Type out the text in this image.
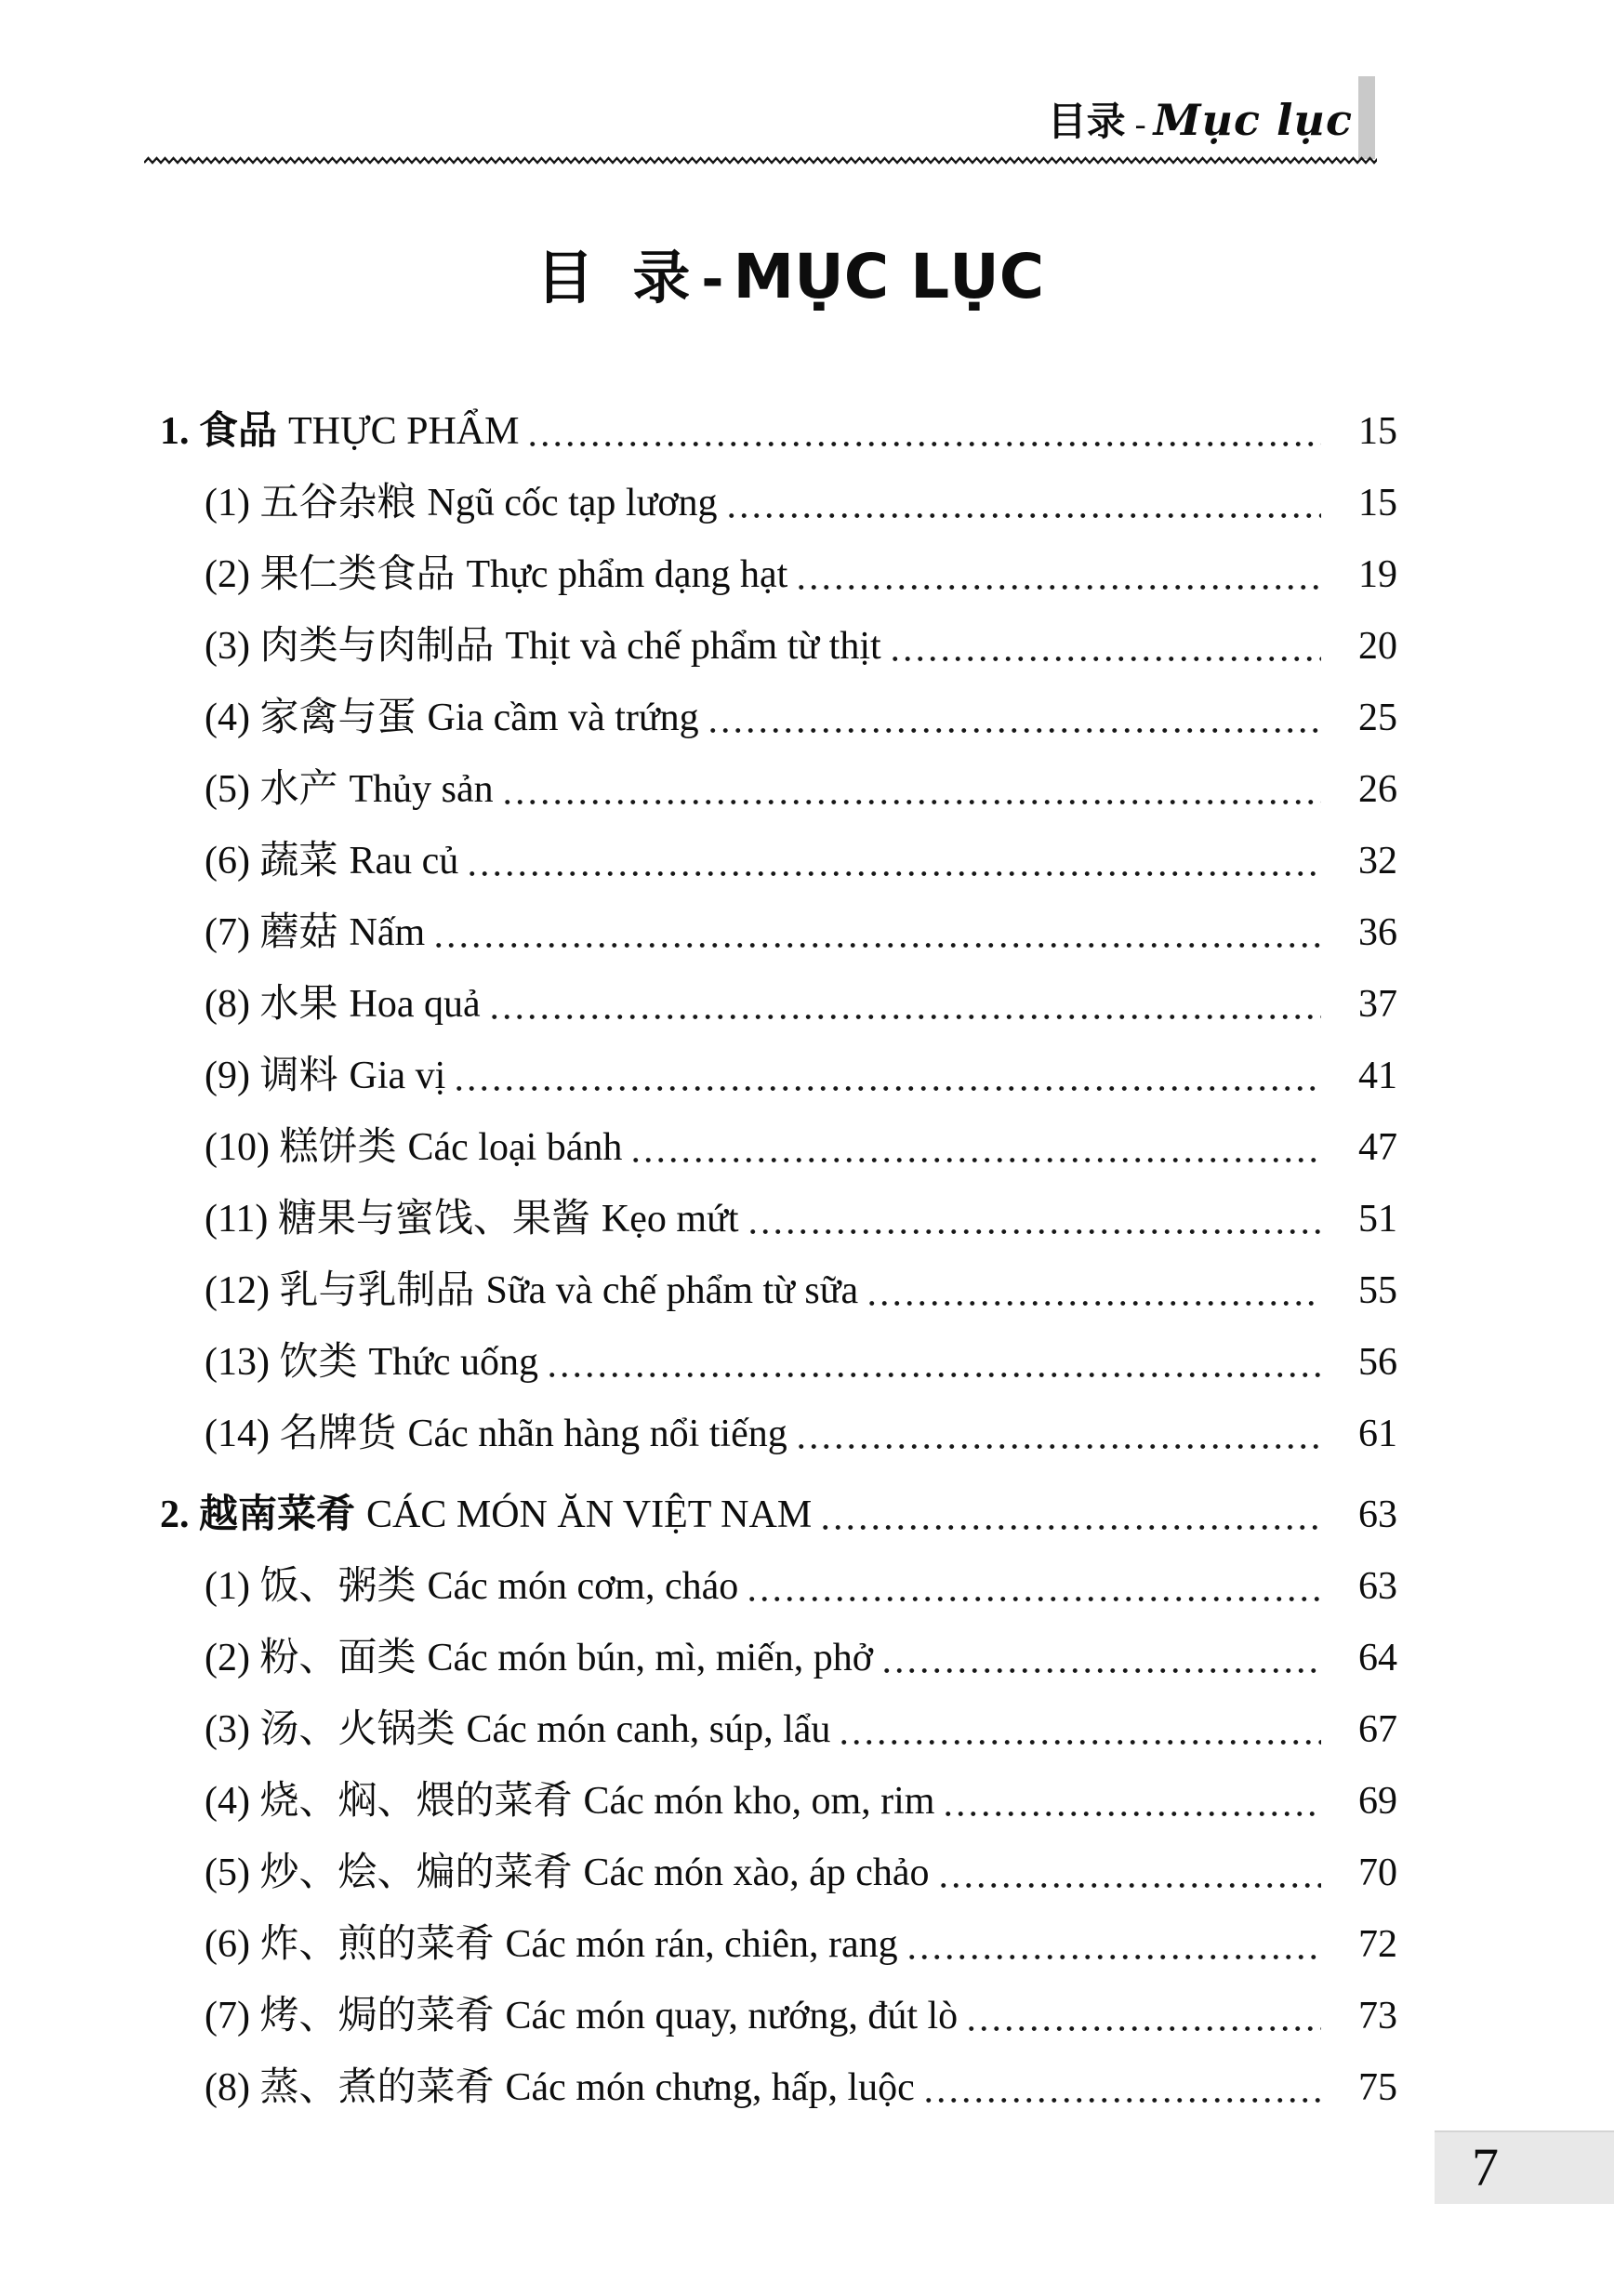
目录 - Mục lục
目 录- MỤC LỤC
1. 食品 THỰC PHẨM	15
(1) 五谷杂粮 Ngũ cốc tạp lương	15
(2) 果仁类食品 Thực phẩm dạng hạt	19
(3) 肉类与肉制品 Thịt và chế phẩm từ thịt	20
(4) 家禽与蛋 Gia cầm và trứng	25
(5) 水产 Thủy sản	26
(6) 蔬菜 Rau củ	32
(7) 蘑菇 Nấm	36
(8) 水果 Hoa quả	37
(9) 调料 Gia vị	41
(10) 糕饼类 Các loại bánh	47
(11) 糖果与蜜饯、果酱 Kẹo mứt	51
(12) 乳与乳制品 Sữa và chế phẩm từ sữa	55
(13) 饮类 Thức uống	56
(14) 名牌货 Các nhãn hàng nổi tiếng	61
2. 越南菜肴 CÁC MÓN ĂN VIỆT NAM	63
(1) 饭、粥类 Các món cơm, cháo	63
(2) 粉、面类 Các món bún, mì, miến, phở	64
(3) 汤、火锅类 Các món canh, súp, lẩu	67
(4) 烧、焖、煨的菜肴 Các món kho, om, rim	69
(5) 炒、烩、煸的菜肴 Các món xào, áp chảo	70
(6) 炸、煎的菜肴 Các món rán, chiên, rang	72
(7) 烤、焗的菜肴 Các món quay, nướng, đút lò	73
(8) 蒸、煮的菜肴 Các món chưng, hấp, luộc	75
7
